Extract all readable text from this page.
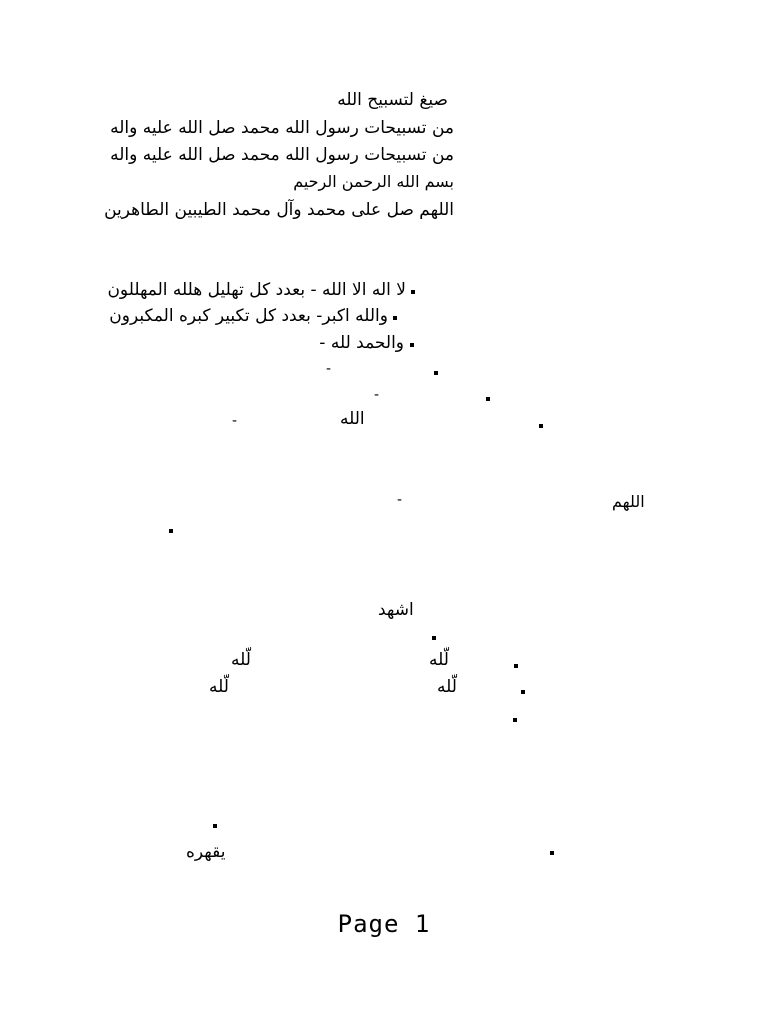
صيغ لتسبيح الله
من تسبيحات رسول الله محمد صل الله عليه واله
من تسبيحات رسول الله محمد صل الله عليه واله
بسم الله الرحمن الرحيم
اللهم صل على محمد وآل محمد الطيبين الطاهرين
لا اله الا الله - بعدد كل تهليل هلله المهللون
والله اكبر- بعدد كل تكبير كبره المكبرون
والحمد لله -
-
-
-	الله
-	اللهم
اشهد
لّله	لّله
لّله	لّله
يقهره
Page 1
